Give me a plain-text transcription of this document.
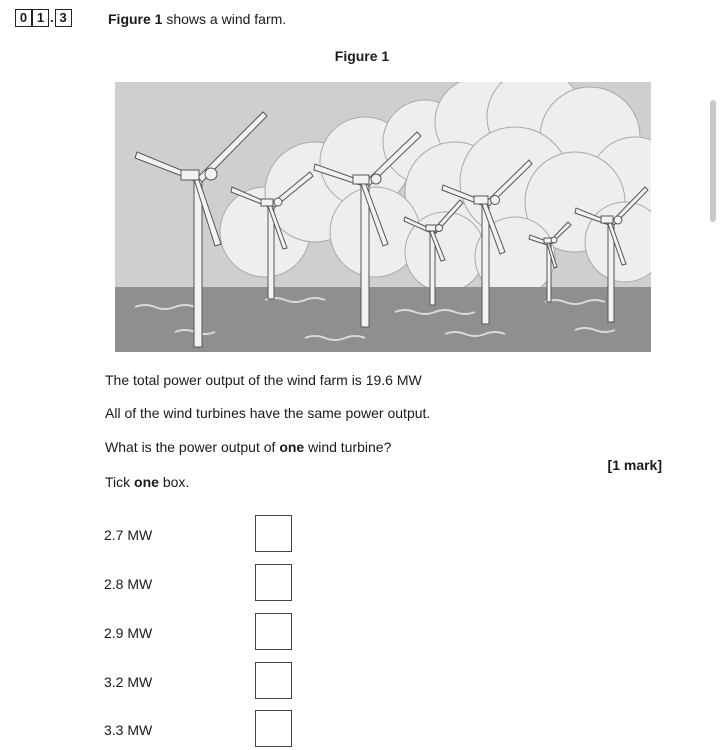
0 1 . 3	Figure 1 shows a wind farm.
Figure 1
The total power output of the wind farm is 19.6 MW
All of the wind turbines have the same power output.
What is the power output of one wind turbine?
[1 mark]
Tick one box.
2.7 MW
2.8 MW
2.9 MW
3.2 MW
3.3 MW
